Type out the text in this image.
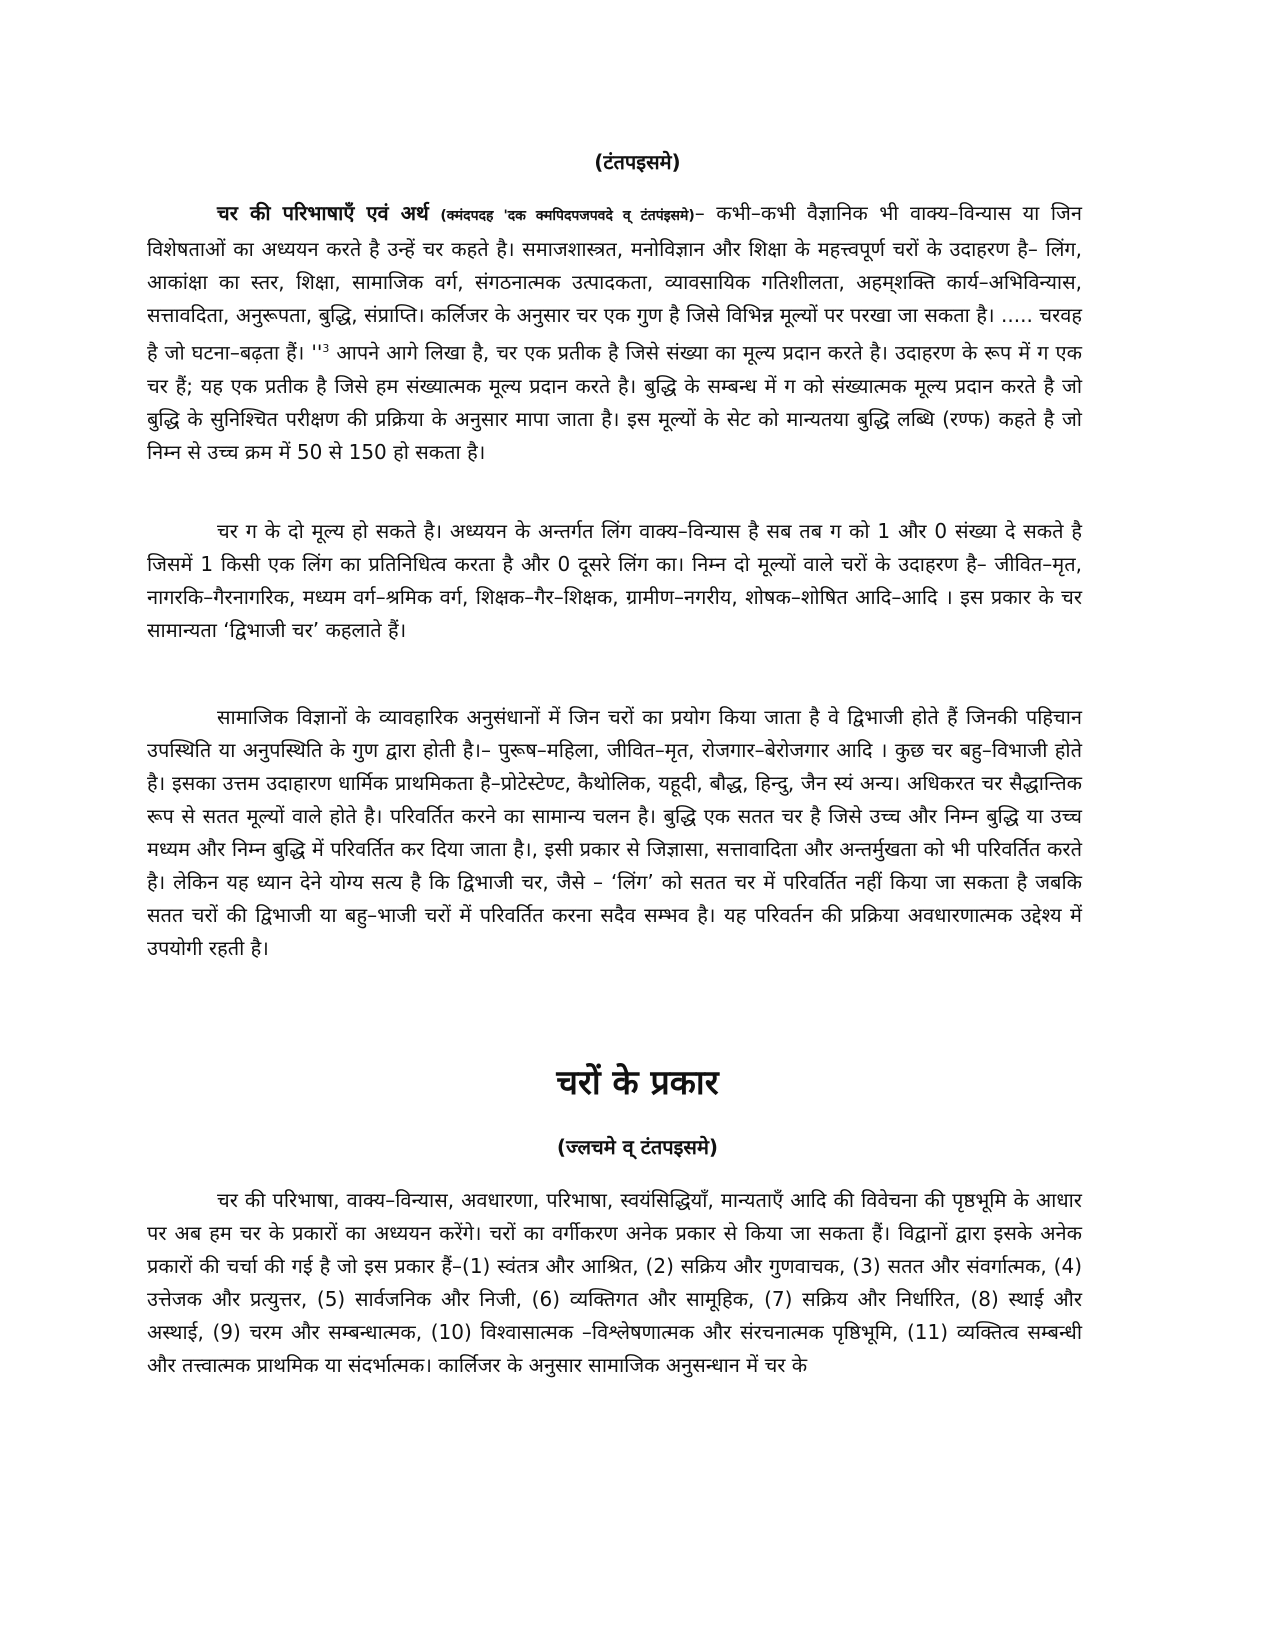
(टंतपइसमे)

चर की परिभाषाएँ एवं अर्थ (क्मंदपदह 'दक क्मपिदपजपवदे व् टंतपंइसमे)– कभी–कभी वैज्ञानिक भी वाक्य–विन्यास या जिन विशेषताओं का अध्ययन करते है उन्हें चर कहते है। समाजशास्त्रत, मनोविज्ञान और शिक्षा के महत्त्वपूर्ण चरों के उदाहरण है– लिंग, आकांक्षा का स्तर, शिक्षा, सामाजिक वर्ग, संगठनात्मक उत्पादकता, व्यावसायिक गतिशीलता, अहम्‌शक्ति कार्य–अभिविन्यास, सत्तावदिता, अनुरूपता, बुद्धि, संप्राप्ति। कर्लिजर के अनुसार चर एक गुण है जिसे विभिन्न मूल्यों पर परखा जा सकता है। ..... चरवह है जो घटना–बढ़ता हैं। ''$^3$ आपने आगे लिखा है, चर एक प्रतीक है जिसे संख्या का मूल्य प्रदान करते है। उदाहरण के रूप में ग एक चर हैं; यह एक प्रतीक है जिसे हम संख्यात्मक मूल्य प्रदान करते है। बुद्धि के सम्बन्ध में ग को संख्यात्मक मूल्य प्रदान करते है जो बुद्धि के सुनिश्चित परीक्षण की प्रक्रिया के अनुसार मापा जाता है। इस मूल्यों के सेट को मान्यतया बुद्धि लब्धि (रण्फ) कहते है जो निम्न से उच्च क्रम में 50 से 150 हो सकता है।

चर ग के दो मूल्य हो सकते है। अध्ययन के अन्तर्गत लिंग वाक्य–विन्यास है सब तब ग को 1 और 0 संख्या दे सकते है जिसमें 1 किसी एक लिंग का प्रतिनिधित्व करता है और 0 दूसरे लिंग का। निम्न दो मूल्यों वाले चरों के उदाहरण है– जीवित–मृत, नागरकि–गैरनागरिक, मध्यम वर्ग–श्रमिक वर्ग, शिक्षक–गैर–शिक्षक, ग्रामीण–नगरीय, शोषक–शोषित आदि–आदि । इस प्रकार के चर सामान्यता ‘द्विभाजी चर’ कहलाते हैं।

सामाजिक विज्ञानों के व्यावहारिक अनुसंधानों में जिन चरों का प्रयोग किया जाता है वे द्विभाजी होते हैं जिनकी पहिचान उपस्थिति या अनुपस्थिति के गुण द्वारा होती है।– पुरूष–महिला, जीवित–मृत, रोजगार–बेरोजगार आदि । कुछ चर बहु–विभाजी होते है। इसका उत्तम उदाहारण धार्मिक प्राथमिकता है–प्रोटेस्टेण्ट, कैथोलिक, यहूदी, बौद्ध, हिन्दु, जैन स्यं अन्य। अधिकरत चर सैद्धान्तिक रूप से सतत मूल्यों वाले होते है। परिवर्तित करने का सामान्य चलन है। बुद्धि एक सतत चर है जिसे उच्च और निम्न बुद्धि या उच्च मध्यम और निम्न बुद्धि में परिवर्तित कर दिया जाता है।, इसी प्रकार से जिज्ञासा, सत्तावादिता और अन्तर्मुखता को भी परिवर्तित करते है। लेकिन यह ध्यान देने योग्य सत्य है कि द्विभाजी चर, जैसे – ‘लिंग’ को सतत चर में परिवर्तित नहीं किया जा सकता है जबकि सतत चरों की द्विभाजी या बहु–भाजी चरों में परिवर्तित करना सदैव सम्भव है। यह परिवर्तन की प्रक्रिया अवधारणात्मक उद्देश्य में उपयोगी रहती है।

चरों के प्रकार
(ज्लचमे व् टंतपइसमे)

चर की परिभाषा, वाक्य–विन्यास, अवधारणा, परिभाषा, स्वयंसिद्धियाँ, मान्यताएँ आदि की विवेचना की पृष्ठभूमि के आधार पर अब हम चर के प्रकारों का अध्ययन करेंगे। चरों का वर्गीकरण अनेक प्रकार से किया जा सकता हैं। विद्वानों द्वारा इसके अनेक प्रकारों की चर्चा की गई है जो इस प्रकार हैं–(1) स्वंतत्र और आश्रित, (2) सक्रिय और गुणवाचक, (3) सतत और संवर्गात्मक, (4) उत्तेजक और प्रत्युत्तर, (5) सार्वजनिक और निजी, (6) व्यक्तिगत और सामूहिक, (7) सक्रिय और निर्धारित, (8) स्थाई और अस्थाई, (9) चरम और सम्बन्धात्मक, (10) विश्वासात्मक –विश्लेषणात्मक और संरचनात्मक पृष्ठिभूमि, (11) व्यक्तित्व सम्बन्धी और तत्त्वात्मक प्राथमिक या संदर्भात्मक। कार्लिजर के अनुसार सामाजिक अनुसन्धान में चर के
